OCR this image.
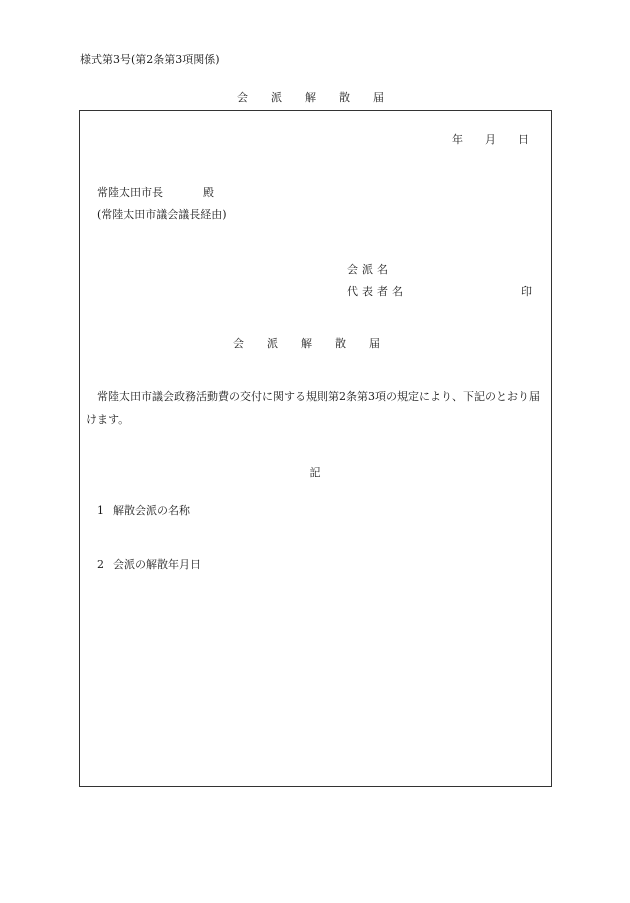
様式第3号(第2条第3項関係)
会派解散届
年 月 日
常陸太田市長	殿
(常陸太田市議会議長経由)
会派名
代表者名	印
会派解散届
常陸太田市議会政務活動費の交付に関する規則第2条第3項の規定により、下記のとおり届けます。
記
1 解散会派の名称
2 会派の解散年月日
